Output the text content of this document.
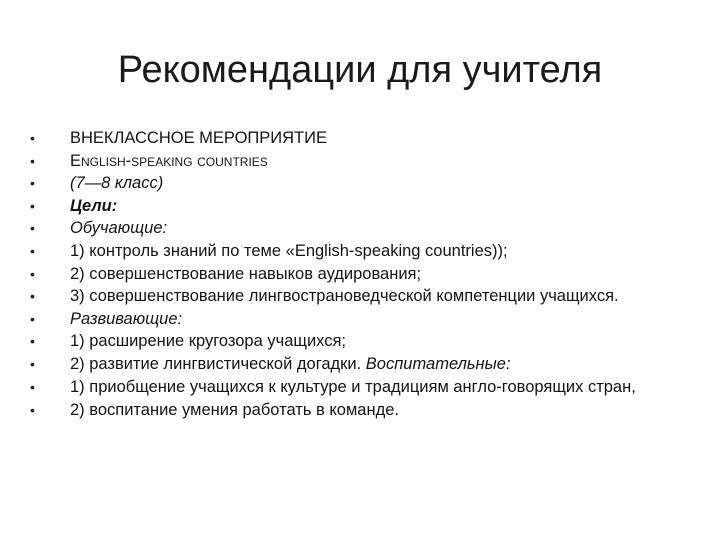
Рекомендации для учителя
•	ВНЕКЛАССНОЕ МЕРОПРИЯТИЕ
•	English-speaking countries
•	(7—8 класс)
•	Цели:
•	Обучающие:
•	1) контроль знаний по теме «English-speaking countries));
•	2) совершенствование навыков аудирования;
•	3) совершенствование лингвострановедческой компетенции учащихся.
•	Развивающие:
•	1) расширение кругозора учащихся;
•	2) развитие лингвистической догадки. Воспитательные:
•	1) приобщение учащихся к культуре и традициям англо-говорящих стран,
•	2) воспитание умения работать в команде.
